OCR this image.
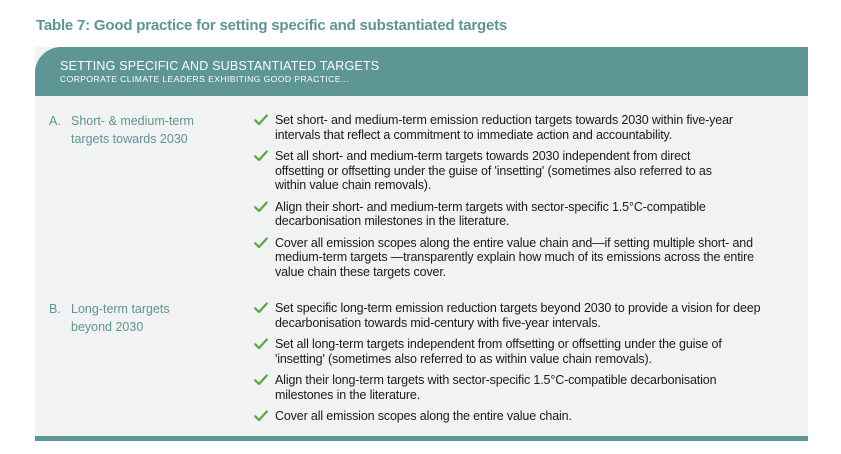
Table 7: Good practice for setting specific and substantiated targets
SETTING SPECIFIC AND SUBSTANTIATED TARGETS
CORPORATE CLIMATE LEADERS EXHIBITING GOOD PRACTICE...
A. Short- & medium-term
targets towards 2030
Set short- and medium-term emission reduction targets towards 2030 within five-year
intervals that reflect a commitment to immediate action and accountability.
Set all short- and medium-term targets towards 2030 independent from direct
offsetting or offsetting under the guise of 'insetting' (sometimes also referred to as
within value chain removals).
Align their short- and medium-term targets with sector-specific 1.5°C-compatible
decarbonisation milestones in the literature.
Cover all emission scopes along the entire value chain and—if setting multiple short- and
medium-term targets —transparently explain how much of its emissions across the entire
value chain these targets cover.
B. Long-term targets
beyond 2030
Set specific long-term emission reduction targets beyond 2030 to provide a vision for deep
decarbonisation towards mid-century with five-year intervals.
Set all long-term targets independent from offsetting or offsetting under the guise of
'insetting' (sometimes also referred to as within value chain removals).
Align their long-term targets with sector-specific 1.5°C-compatible decarbonisation
milestones in the literature.
Cover all emission scopes along the entire value chain.
